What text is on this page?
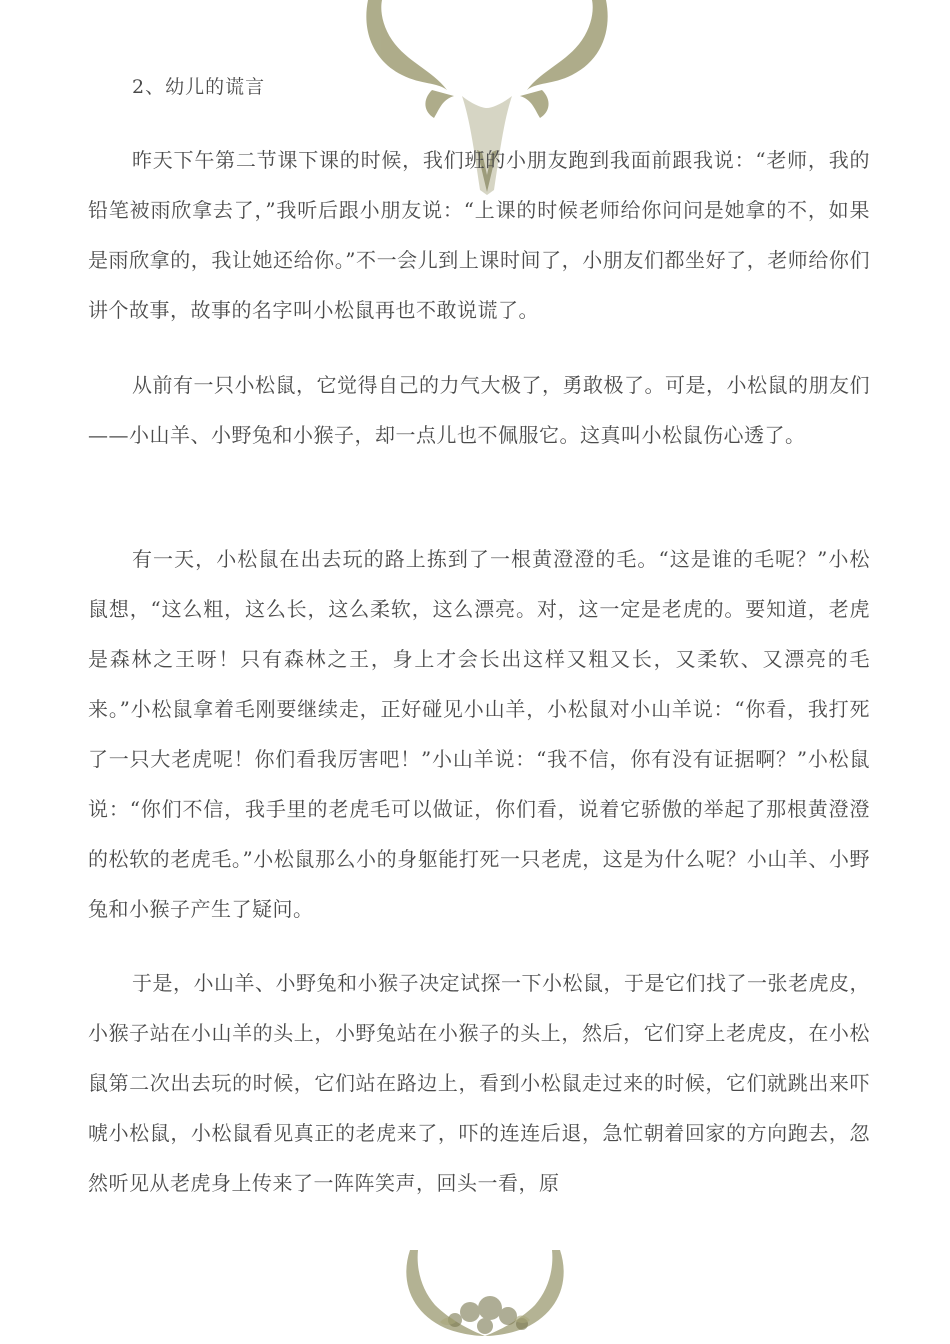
2、幼儿的谎言

昨天下午第二节课下课的时候，我们班的小朋友跑到我面前跟我说：“老师，我的铅笔被雨欣拿去了，”我听后跟小朋友说：“上课的时候老师给你问问是她拿的不，如果是雨欣拿的，我让她还给你。”不一会儿到上课时间了，小朋友们都坐好了，老师给你们讲个故事，故事的名字叫小松鼠再也不敢说谎了。

从前有一只小松鼠，它觉得自己的力气大极了，勇敢极了。可是，小松鼠的朋友们——小山羊、小野兔和小猴子，却一点儿也不佩服它。这真叫小松鼠伤心透了。

有一天，小松鼠在出去玩的路上拣到了一根黄澄澄的毛。“这是谁的毛呢？”小松鼠想，“这么粗，这么长，这么柔软，这么漂亮。对，这一定是老虎的。要知道，老虎是森林之王呀！只有森林之王，身上才会长出这样又粗又长，又柔软、又漂亮的毛来。”小松鼠拿着毛刚要继续走，正好碰见小山羊，小松鼠对小山羊说：“你看，我打死了一只大老虎呢！你们看我厉害吧！”小山羊说：“我不信，你有没有证据啊？”小松鼠说：“你们不信，我手里的老虎毛可以做证，你们看，说着它骄傲的举起了那根黄澄澄的松软的老虎毛。”小松鼠那么小的身躯能打死一只老虎，这是为什么呢？小山羊、小野兔和小猴子产生了疑问。

于是，小山羊、小野兔和小猴子决定试探一下小松鼠，于是它们找了一张老虎皮，小猴子站在小山羊的头上，小野兔站在小猴子的头上，然后，它们穿上老虎皮，在小松鼠第二次出去玩的时候，它们站在路边上，看到小松鼠走过来的时候，它们就跳出来吓唬小松鼠，小松鼠看见真正的老虎来了，吓的连连后退，急忙朝着回家的方向跑去，忽然听见从老虎身上传来了一阵阵笑声，回头一看，原
